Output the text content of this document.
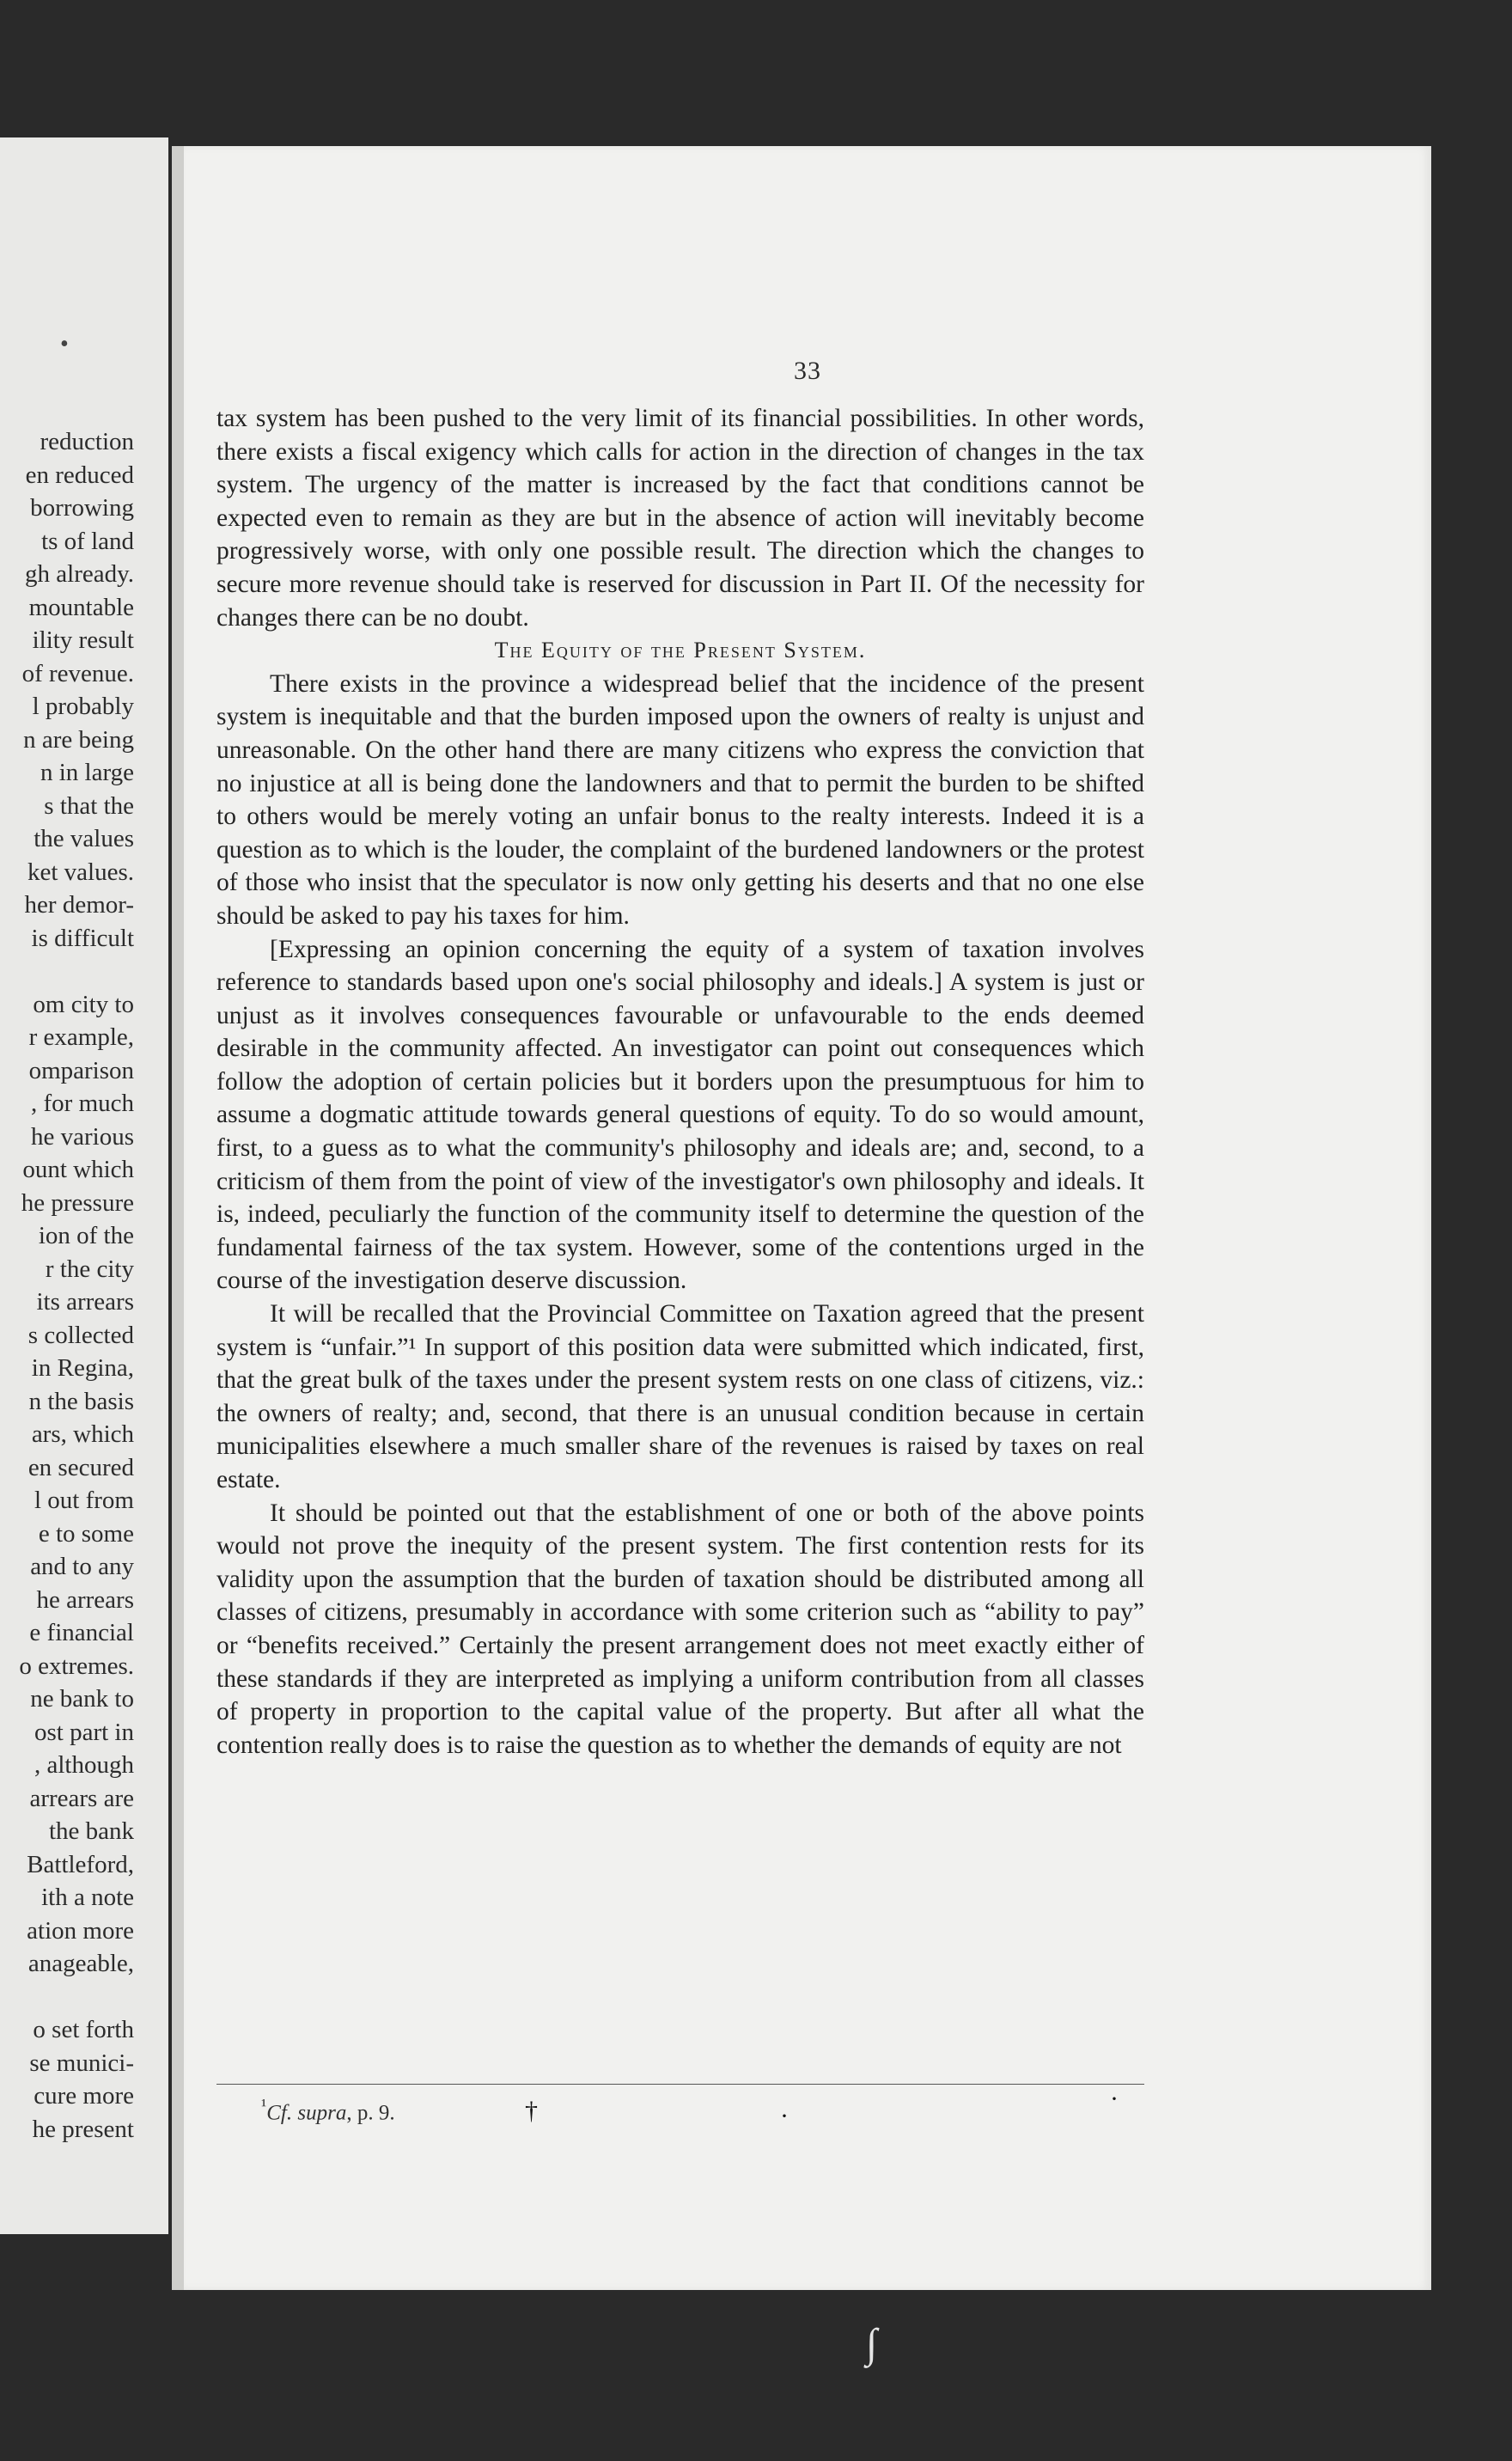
•
reduction
en reduced
borrowing
ts of land
gh already.
mountable
ility result
of revenue.
l probably
n are being
n in large
s that the
the values
ket values.
her demor-
is difficult
om city to
r example,
omparison
, for much
he various
ount which
he pressure
ion of the
r the city
its arrears
s collected
in Regina,
n the basis
ars, which
en secured
l out from
e to some
and to any
he arrears
e financial
o extremes.
ne bank to
ost part in
, although
arrears are
the bank
Battleford,
ith a note
ation more
anageable,
o set forth
se munici-
cure more
he present
33

tax system has been pushed to the very limit of its financial possibilities. In other words, there exists a fiscal exigency which calls for action in the direction of changes in the tax system. The urgency of the matter is increased by the fact that conditions cannot be expected even to remain as they are but in the absence of action will inevitably become progressively worse, with only one possible result. The direction which the changes to secure more revenue should take is reserved for discussion in Part II. Of the necessity for changes there can be no doubt.

The Equity of the Present System.

There exists in the province a widespread belief that the incidence of the present system is inequitable and that the burden imposed upon the owners of realty is unjust and unreasonable. On the other hand there are many citizens who express the conviction that no injustice at all is being done the landowners and that to permit the burden to be shifted to others would be merely voting an unfair bonus to the realty interests. Indeed it is a question as to which is the louder, the complaint of the burdened landowners or the protest of those who insist that the speculator is now only getting his deserts and that no one else should be asked to pay his taxes for him.

[Expressing an opinion concerning the equity of a system of taxation involves reference to standards based upon one's social philosophy and ideals.] A system is just or unjust as it involves consequences favourable or unfavourable to the ends deemed desirable in the community affected. An investigator can point out consequences which follow the adoption of certain policies but it borders upon the presumptuous for him to assume a dogmatic attitude towards general questions of equity. To do so would amount, first, to a guess as to what the community's philosophy and ideals are; and, second, to a criticism of them from the point of view of the investigator's own philosophy and ideals. It is, indeed, peculiarly the function of the community itself to determine the question of the fundamental fairness of the tax system. However, some of the contentions urged in the course of the investigation deserve discussion.

It will be recalled that the Provincial Committee on Taxation agreed that the present system is “unfair.”¹ In support of this position data were submitted which indicated, first, that the great bulk of the taxes under the present system rests on one class of citizens, viz.: the owners of realty; and, second, that there is an unusual condition because in certain municipalities elsewhere a much smaller share of the revenues is raised by taxes on real estate.

It should be pointed out that the establishment of one or both of the above points would not prove the inequity of the present system. The first contention rests for its validity upon the assumption that the burden of taxation should be distributed among all classes of citizens, presumably in accordance with some criterion such as “ability to pay” or “benefits received.” Certainly the present arrangement does not meet exactly either of these standards if they are interpreted as implying a uniform contribution from all classes of property in proportion to the capital value of the property. But after all what the contention really does is to raise the question as to whether the demands of equity are not

$^{^1}$Cf. supra, p. 9.	†	·
·
∫
